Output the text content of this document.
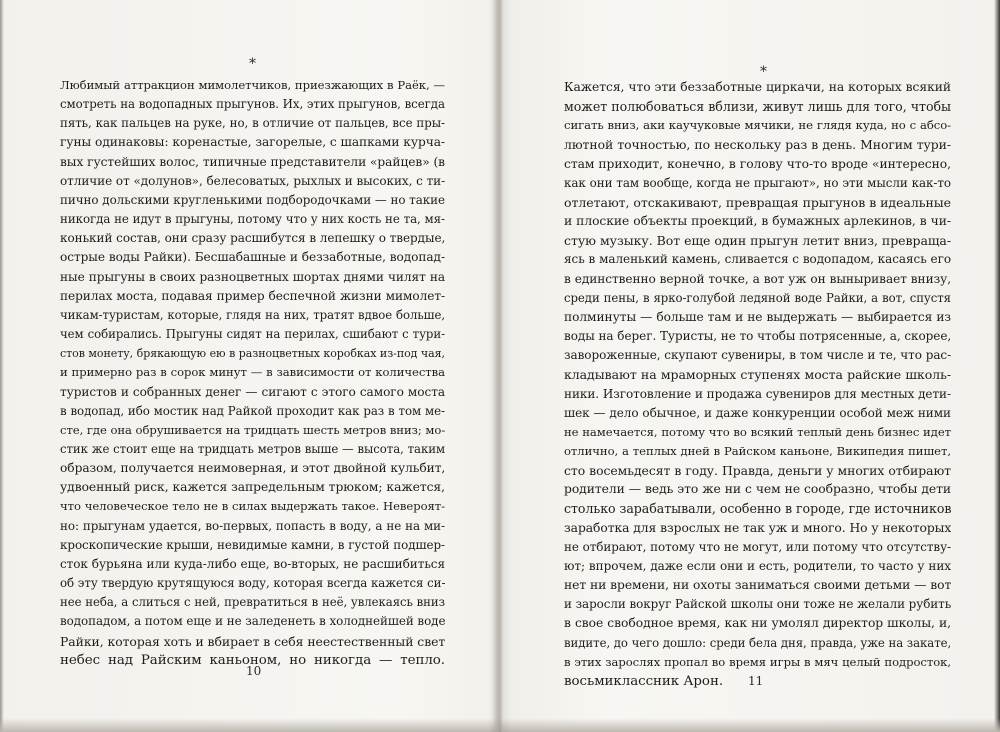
*
Любимый аттракцион мимолетчиков, приезжающих в Раёк, —
смотреть на водопадных прыгунов. Их, этих прыгунов, всегда
пять, как пальцев на руке, но, в отличие от пальцев, все пры-
гуны одинаковы: коренастые, загорелые, с шапками курча-
вых густейших волос, типичные представители «райцев» (в
отличие от «долунов», белесоватых, рыхлых и высоких, с ти-
пично дольскими кругленькими подбородочками — но такие
никогда не идут в прыгуны, потому что у них кость не та, мя-
конький состав, они сразу расшибутся в лепешку о твердые,
острые воды Райки). Бесшабашные и беззаботные, водопад-
ные прыгуны в своих разноцветных шортах днями чилят на
перилах моста, подавая пример беспечной жизни мимолет-
чикам-туристам, которые, глядя на них, тратят вдвое больше,
чем собирались. Прыгуны сидят на перилах, сшибают с тури-
стов монету, брякающую ею в разноцветных коробках из-под чая,
и примерно раз в сорок минут — в зависимости от количества
туристов и собранных денег — сигают с этого самого моста
в водопад, ибо мостик над Райкой проходит как раз в том ме-
сте, где она обрушивается на тридцать шесть метров вниз; мо-
стик же стоит еще на тридцать метров выше — высота, таким
образом, получается неимоверная, и этот двойной кульбит,
удвоенный риск, кажется запредельным трюком; кажется,
что человеческое тело не в силах выдержать такое. Невероят-
но: прыгунам удается, во-первых, попасть в воду, а не на ми-
кроскопические крыши, невидимые камни, в густой подшер-
сток бурьяна или куда-либо еще, во-вторых, не расшибиться
об эту твердую крутящуюся воду, которая всегда кажется си-
нее неба, а слиться с ней, превратиться в неё, увлекаясь вниз
водопадом, а потом еще и не заледенеть в холоднейшей воде
Райки, которая хоть и вбирает в себя неестественный свет
небес над Райским каньоном, но никогда — тепло.
10
*
Кажется, что эти беззаботные циркачи, на которых всякий
может полюбоваться вблизи, живут лишь для того, чтобы
сигать вниз, аки каучуковые мячики, не глядя куда, но с абсо-
лютной точностью, по нескольку раз в день. Многим тури-
стам приходит, конечно, в голову что-то вроде «интересно,
как они там вообще, когда не прыгают», но эти мысли как-то
отлетают, отскакивают, превращая прыгунов в идеальные
и плоские объекты проекций, в бумажных арлекинов, в чи-
стую музыку. Вот еще один прыгун летит вниз, превраща-
ясь в маленький камень, сливается с водопадом, касаясь его
в единственно верной точке, а вот уж он выныривает внизу,
среди пены, в ярко-голубой ледяной воде Райки, а вот, спустя
полминуты — больше там и не выдержать — выбирается из
воды на берег. Туристы, не то чтобы потрясенные, а, скорее,
завороженные, скупают сувениры, в том числе и те, что рас-
кладывают на мраморных ступенях моста райские школь-
ники. Изготовление и продажа сувениров для местных дети-
шек — дело обычное, и даже конкуренции особой меж ними
не намечается, потому что во всякий теплый день бизнес идет
отлично, а теплых дней в Райском каньоне, Википедия пишет,
сто восемьдесят в году. Правда, деньги у многих отбирают
родители — ведь это же ни с чем не сообразно, чтобы дети
столько зарабатывали, особенно в городе, где источников
заработка для взрослых не так уж и много. Но у некоторых
не отбирают, потому что не могут, или потому что отсутству-
ют; впрочем, даже если они и есть, родители, то часто у них
нет ни времени, ни охоты заниматься своими детьми — вот
и заросли вокруг Райской школы они тоже не желали рубить
в свое свободное время, как ни умолял директор школы, и,
видите, до чего дошло: среди бела дня, правда, уже на закате,
в этих зарослях пропал во время игры в мяч целый подросток,
восьмиклассник Арон.	11
